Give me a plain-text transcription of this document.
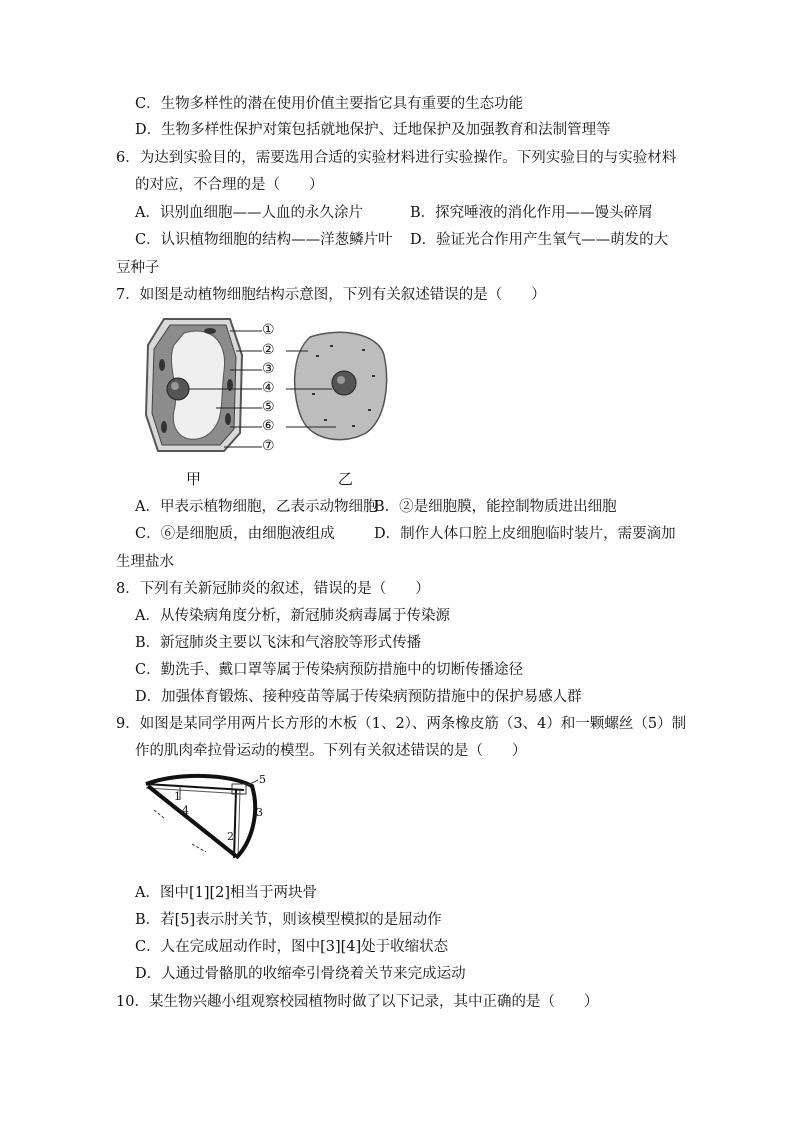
C．生物多样性的潜在使用价值主要指它具有重要的生态功能
D．生物多样性保护对策包括就地保护、迁地保护及加强教育和法制管理等
6．为达到实验目的，需要选用合适的实验材料进行实验操作。下列实验目的与实验材料
的对应，不合理的是（　　）
A．识别血细胞——人血的永久涂片	B．探究唾液的消化作用——馒头碎屑
C．认识植物细胞的结构——洋葱鳞片叶 D．验证光合作用产生氧气——萌发的大
豆种子
7．如图是动植物细胞结构示意图，下列有关叙述错误的是（　　）
①
②
③
④
⑤
⑥
⑦
甲	乙
A．甲表示植物细胞，乙表示动物细胞
B．②是细胞膜，能控制物质进出细胞
C．⑥是细胞质，由细胞液组成	D．制作人体口腔上皮细胞临时装片，需要滴加
生理盐水
8．下列有关新冠肺炎的叙述，错误的是（　　）
A．从传染病角度分析，新冠肺炎病毒属于传染源
B．新冠肺炎主要以飞沫和气溶胶等形式传播
C．勤洗手、戴口罩等属于传染病预防措施中的切断传播途径
D．加强体育锻炼、接种疫苗等属于传染病预防措施中的保护易感人群
9．如图是某同学用两片长方形的木板（1、2）、两条橡皮筋（3、4）和一颗螺丝（5）制
作的肌肉牵拉骨运动的模型。下列有关叙述错误的是（　　）
1
2
3
4
5
A．图中[1][2]相当于两块骨
B．若[5]表示肘关节，则该模型模拟的是屈动作
C．人在完成屈动作时，图中[3][4]处于收缩状态
D．人通过骨骼肌的收缩牵引骨绕着关节来完成运动
10．某生物兴趣小组观察校园植物时做了以下记录，其中正确的是（　　）
